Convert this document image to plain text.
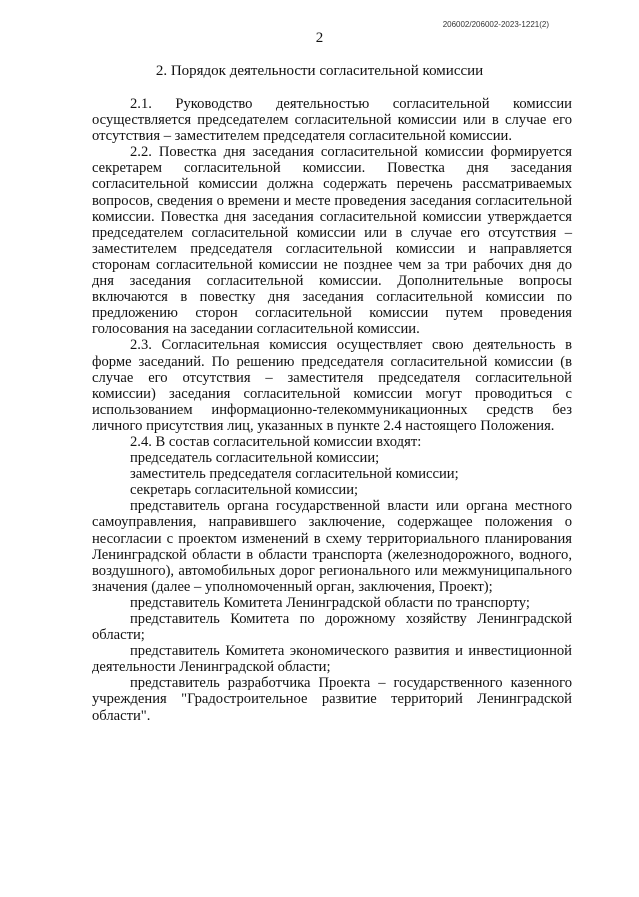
206002/206002-2023-1221(2)
2
2. Порядок деятельности согласительной комиссии

2.1. Руководство деятельностью согласительной комиссии осуществляется председателем согласительной комиссии или в случае его отсутствия – заместителем председателя согласительной комиссии.

2.2. Повестка дня заседания согласительной комиссии формируется секретарем согласительной комиссии. Повестка дня заседания согласительной комиссии должна содержать перечень рассматриваемых вопросов, сведения о времени и месте проведения заседания согласительной комиссии. Повестка дня заседания согласительной комиссии утверждается председателем согласительной комиссии или в случае его отсутствия – заместителем председателя согласительной комиссии и направляется сторонам согласительной комиссии не позднее чем за три рабочих дня до дня заседания согласительной комиссии. Дополнительные вопросы включаются в повестку дня заседания согласительной комиссии по предложению сторон согласительной комиссии путем проведения голосования на заседании согласительной комиссии.

2.3. Согласительная комиссия осуществляет свою деятельность в форме заседаний. По решению председателя согласительной комиссии (в случае его отсутствия – заместителя председателя согласительной комиссии) заседания согласительной комиссии могут проводиться с использованием информационно-телекоммуникационных средств без личного присутствия лиц, указанных в пункте 2.4 настоящего Положения.

2.4. В состав согласительной комиссии входят:

председатель согласительной комиссии;

заместитель председателя согласительной комиссии;

секретарь согласительной комиссии;

представитель органа государственной власти или органа местного самоуправления, направившего заключение, содержащее положения о несогласии с проектом изменений в схему территориального планирования Ленинградской области в области транспорта (железнодорожного, водного, воздушного), автомобильных дорог регионального или межмуниципального значения (далее – уполномоченный орган, заключения, Проект);

представитель Комитета Ленинградской области по транспорту;

представитель Комитета по дорожному хозяйству Ленинградской области;

представитель Комитета экономического развития и инвестиционной деятельности Ленинградской области;

представитель разработчика Проекта – государственного казенного учреждения "Градостроительное развитие территорий Ленинградской области".
